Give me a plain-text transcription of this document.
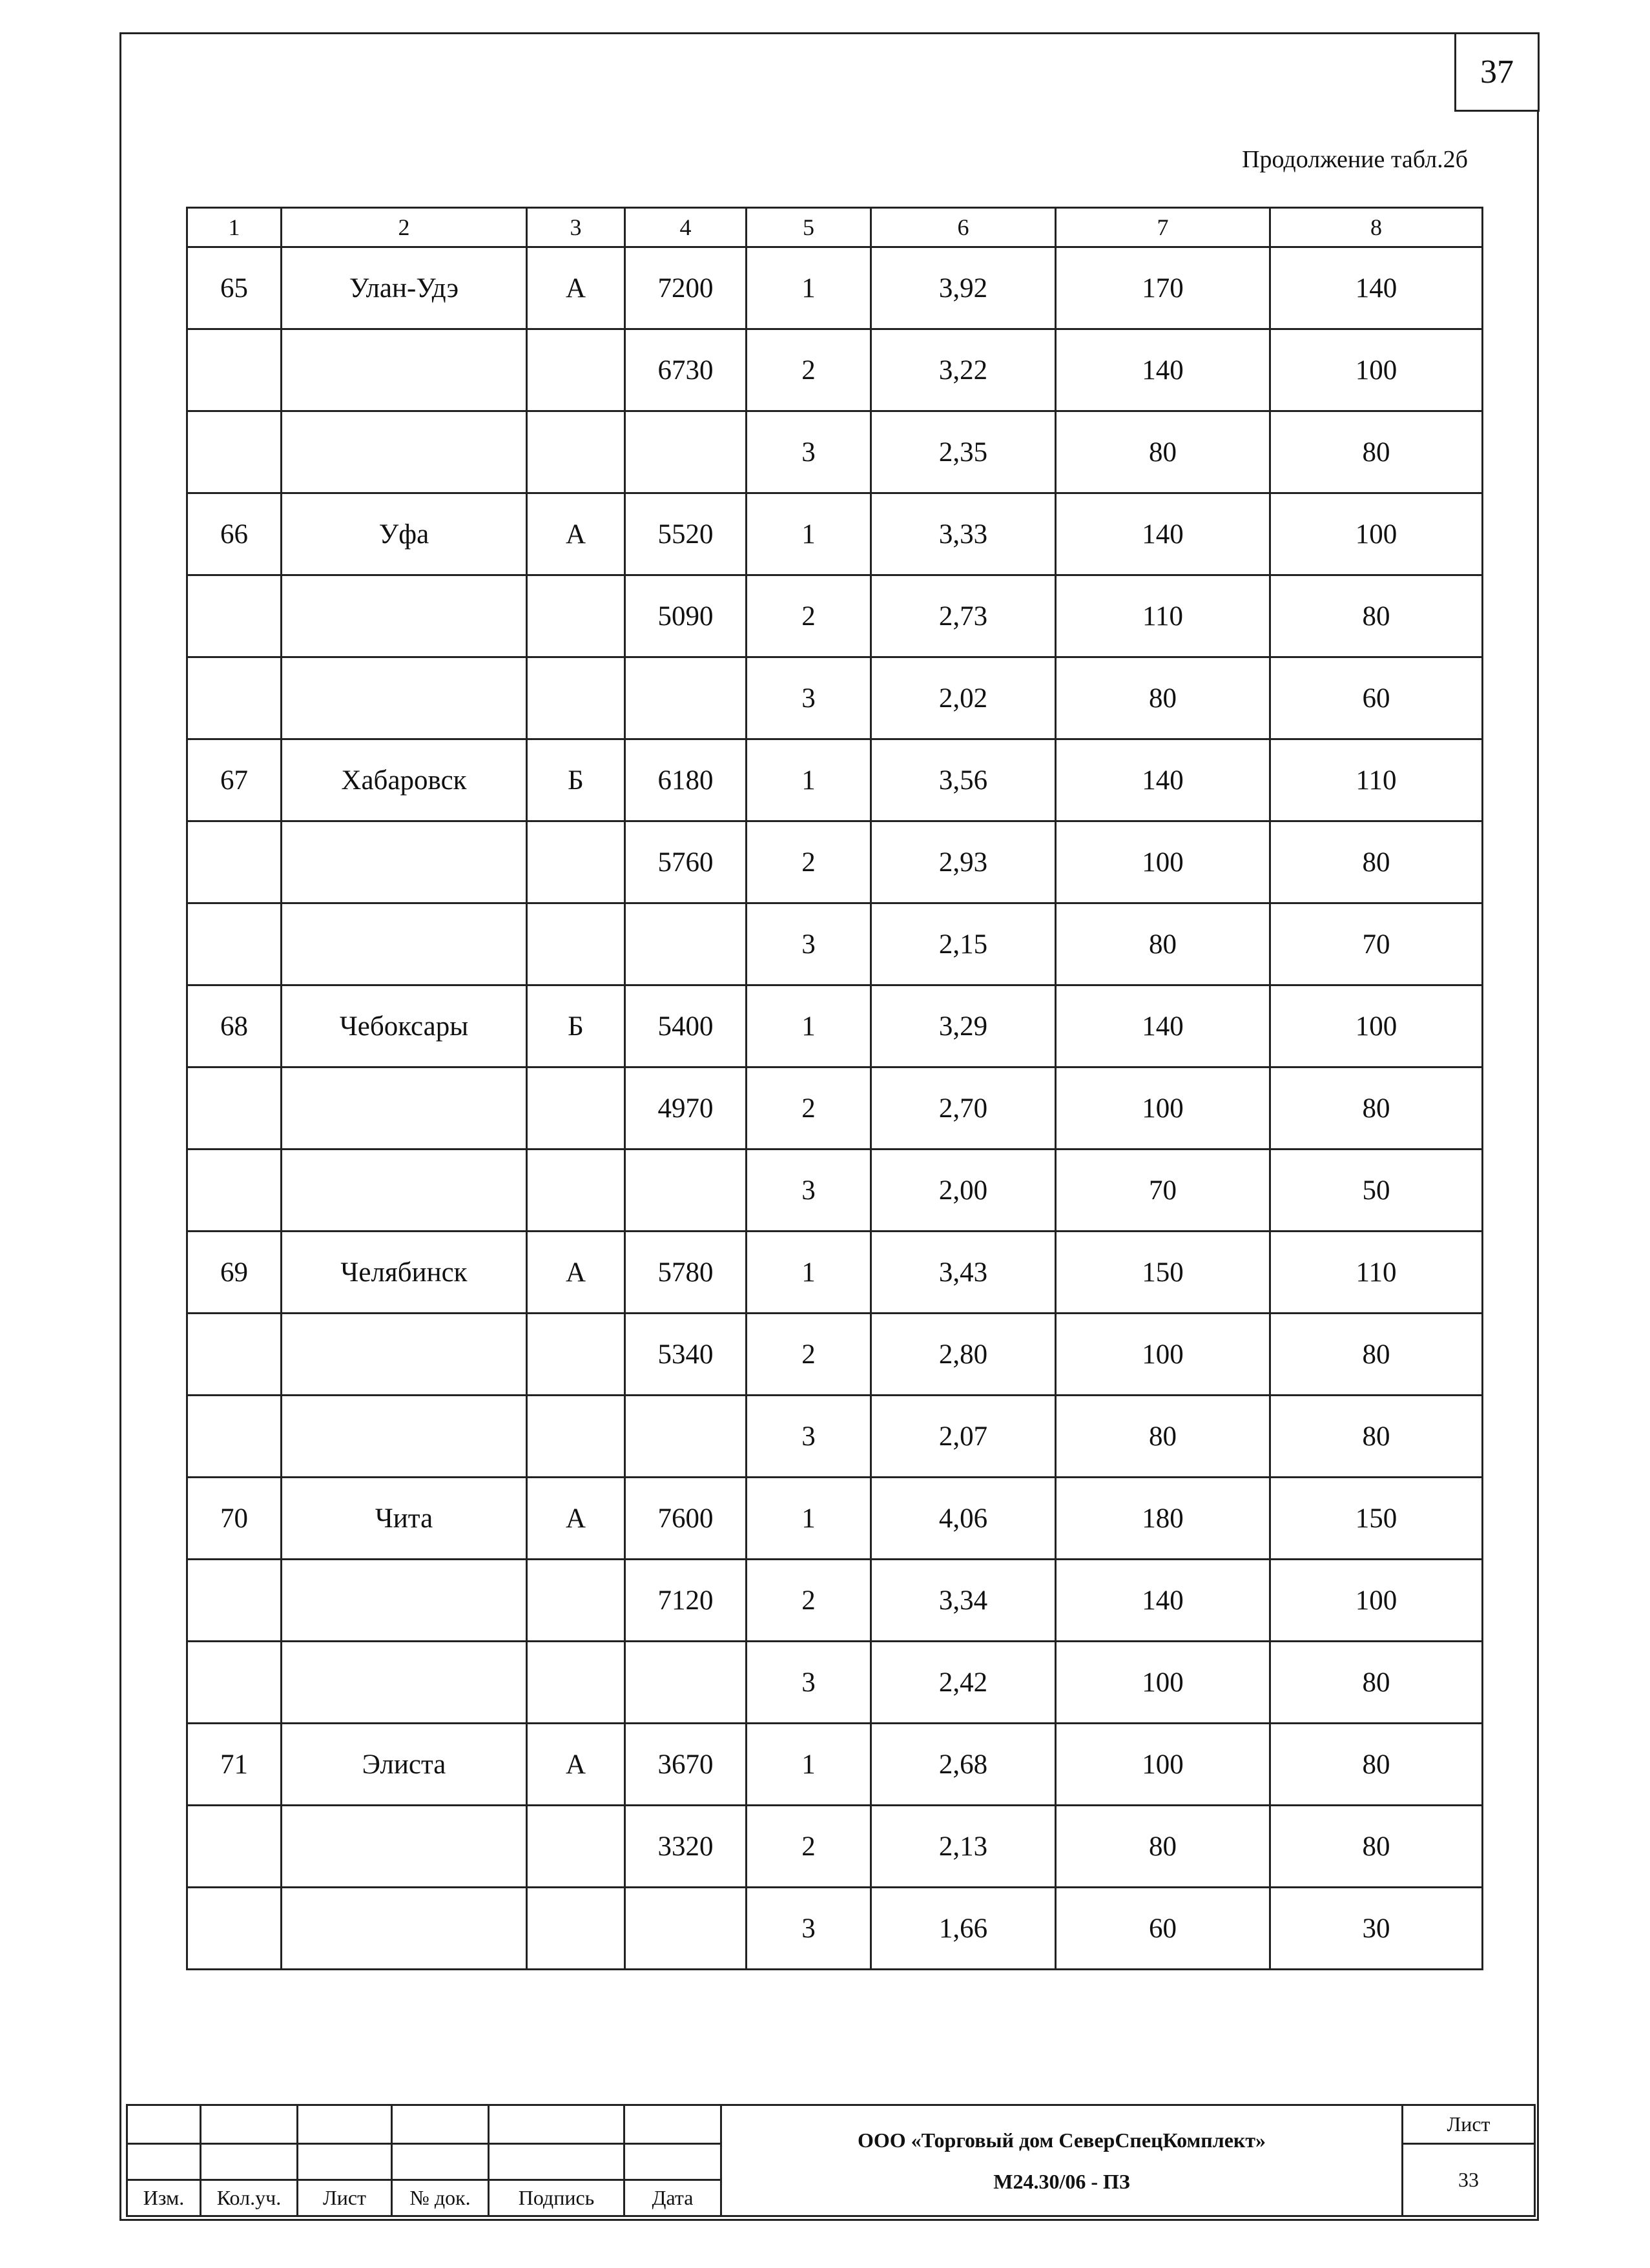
37
Продолжение табл.2б
1	2	3	4	5	6	7	8
65	Улан-Удэ	А	7200	1	3,92	170	140
			6730	2	3,22	140	100
				3	2,35	80	80
66	Уфа	А	5520	1	3,33	140	100
			5090	2	2,73	110	80
				3	2,02	80	60
67	Хабаровск	Б	6180	1	3,56	140	110
			5760	2	2,93	100	80
				3	2,15	80	70
68	Чебоксары	Б	5400	1	3,29	140	100
			4970	2	2,70	100	80
				3	2,00	70	50
69	Челябинск	А	5780	1	3,43	150	110
			5340	2	2,80	100	80
				3	2,07	80	80
70	Чита	А	7600	1	4,06	180	150
			7120	2	3,34	140	100
				3	2,42	100	80
71	Элиста	А	3670	1	2,68	100	80
			3320	2	2,13	80	80
				3	1,66	60	30

						ООО «Торговый дом СеверСпецКомплект»
М24.30/06 - ПЗ	Лист
							33
Изм.	Кол.уч.	Лист	№ док.	Подпись	Дата		
